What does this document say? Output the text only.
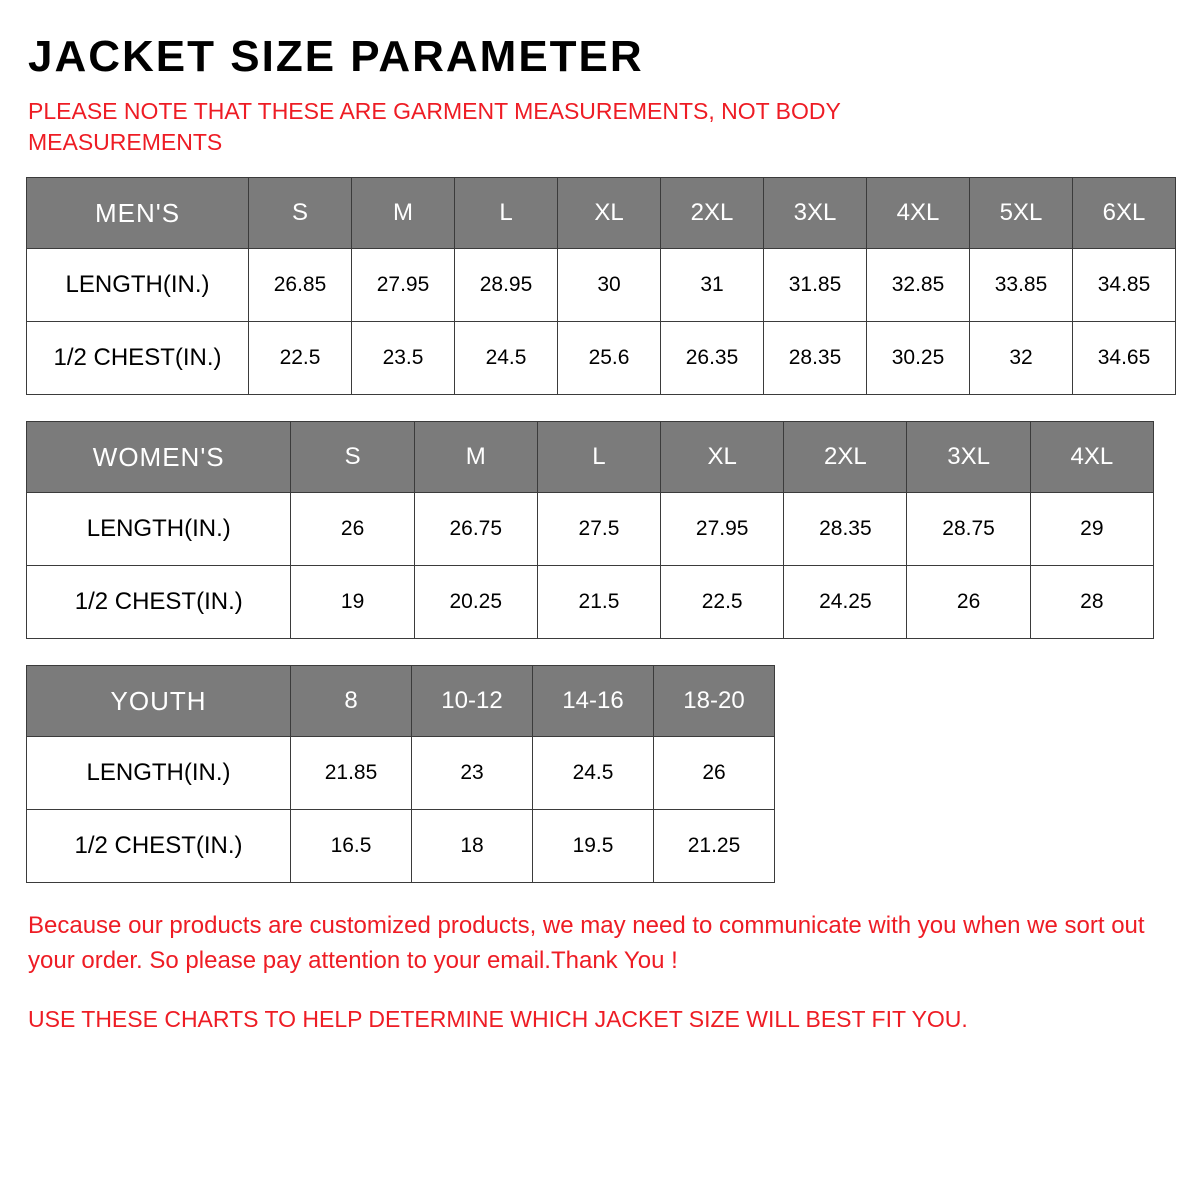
JACKET SIZE PARAMETER
PLEASE NOTE THAT THESE ARE GARMENT MEASUREMENTS, NOT BODY MEASUREMENTS
MEN'S	S	M	L	XL	2XL	3XL	4XL	5XL	6XL
LENGTH(IN.)	26.85	27.95	28.95	30	31	31.85	32.85	33.85	34.85
1/2 CHEST(IN.)	22.5	23.5	24.5	25.6	26.35	28.35	30.25	32	34.65
WOMEN'S	S	M	L	XL	2XL	3XL	4XL
LENGTH(IN.)	26	26.75	27.5	27.95	28.35	28.75	29
1/2 CHEST(IN.)	19	20.25	21.5	22.5	24.25	26	28
YOUTH	8	10-12	14-16	18-20
LENGTH(IN.)	21.85	23	24.5	26
1/2 CHEST(IN.)	16.5	18	19.5	21.25
Because our products are customized products, we may need to communicate with you when we sort out your order. So please pay attention to your email.Thank You !
USE THESE CHARTS TO HELP DETERMINE WHICH JACKET SIZE WILL BEST FIT YOU.
